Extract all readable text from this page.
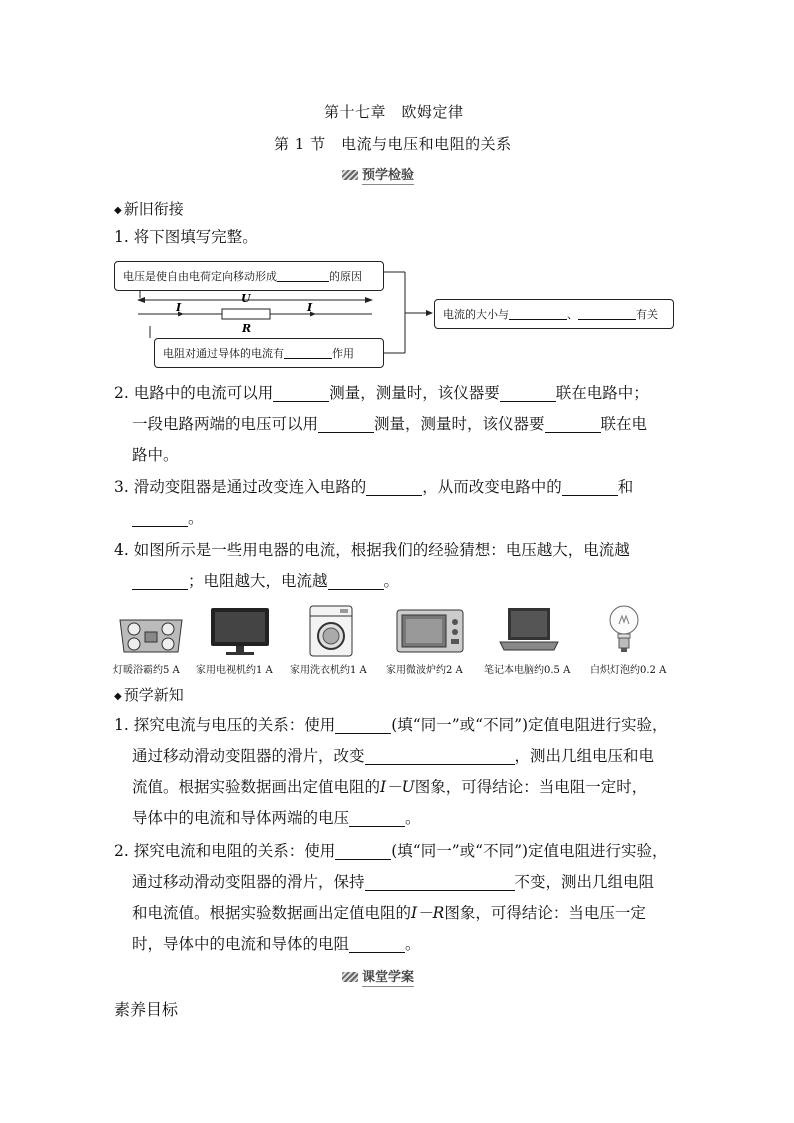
第十七章　欧姆定律
第 1 节　电流与电压和电阻的关系
预学检验
◆ 新旧衔接
1. 将下图填写完整。
电压是使自由电荷定向移动形成	的原因
电阻对通过导体的电流有	作用
电流的大小与	、	有关
U
I	I
R
2. 电路中的电流可以用	测量，测量时，该仪器要	联在电路中；
一段电路两端的电压可以用	测量，测量时，该仪器要	联在电
路中。
3. 滑动变阻器是通过改变连入电路的	，从而改变电路中的	和
。
4. 如图所示是一些用电器的电流，根据我们的经验猜想：电压越大，电流越
；电阻越大，电流越	。
灯暖浴霸约5 A 家用电视机约1 A 家用洗衣机约1 A 家用微波炉约2 A 笔记本电脑约0.5 A 白炽灯泡约0.2 A
◆ 预学新知
1. 探究电流与电压的关系：使用	(填“同一”或“不同”)定值电阻进行实验，
通过移动滑动变阻器的滑片，改变	，测出几组电压和电
流值。根据实验数据画出定值电阻的I－U图象，可得结论：当电阻一定时，
导体中的电流和导体两端的电压	。
2. 探究电流和电阻的关系：使用	(填“同一”或“不同”)定值电阻进行实验，
通过移动滑动变阻器的滑片，保持	不变，测出几组电阻
和电流值。根据实验数据画出定值电阻的I－R图象，可得结论：当电压一定
时，导体中的电流和导体的电阻	。
课堂学案
素养目标
